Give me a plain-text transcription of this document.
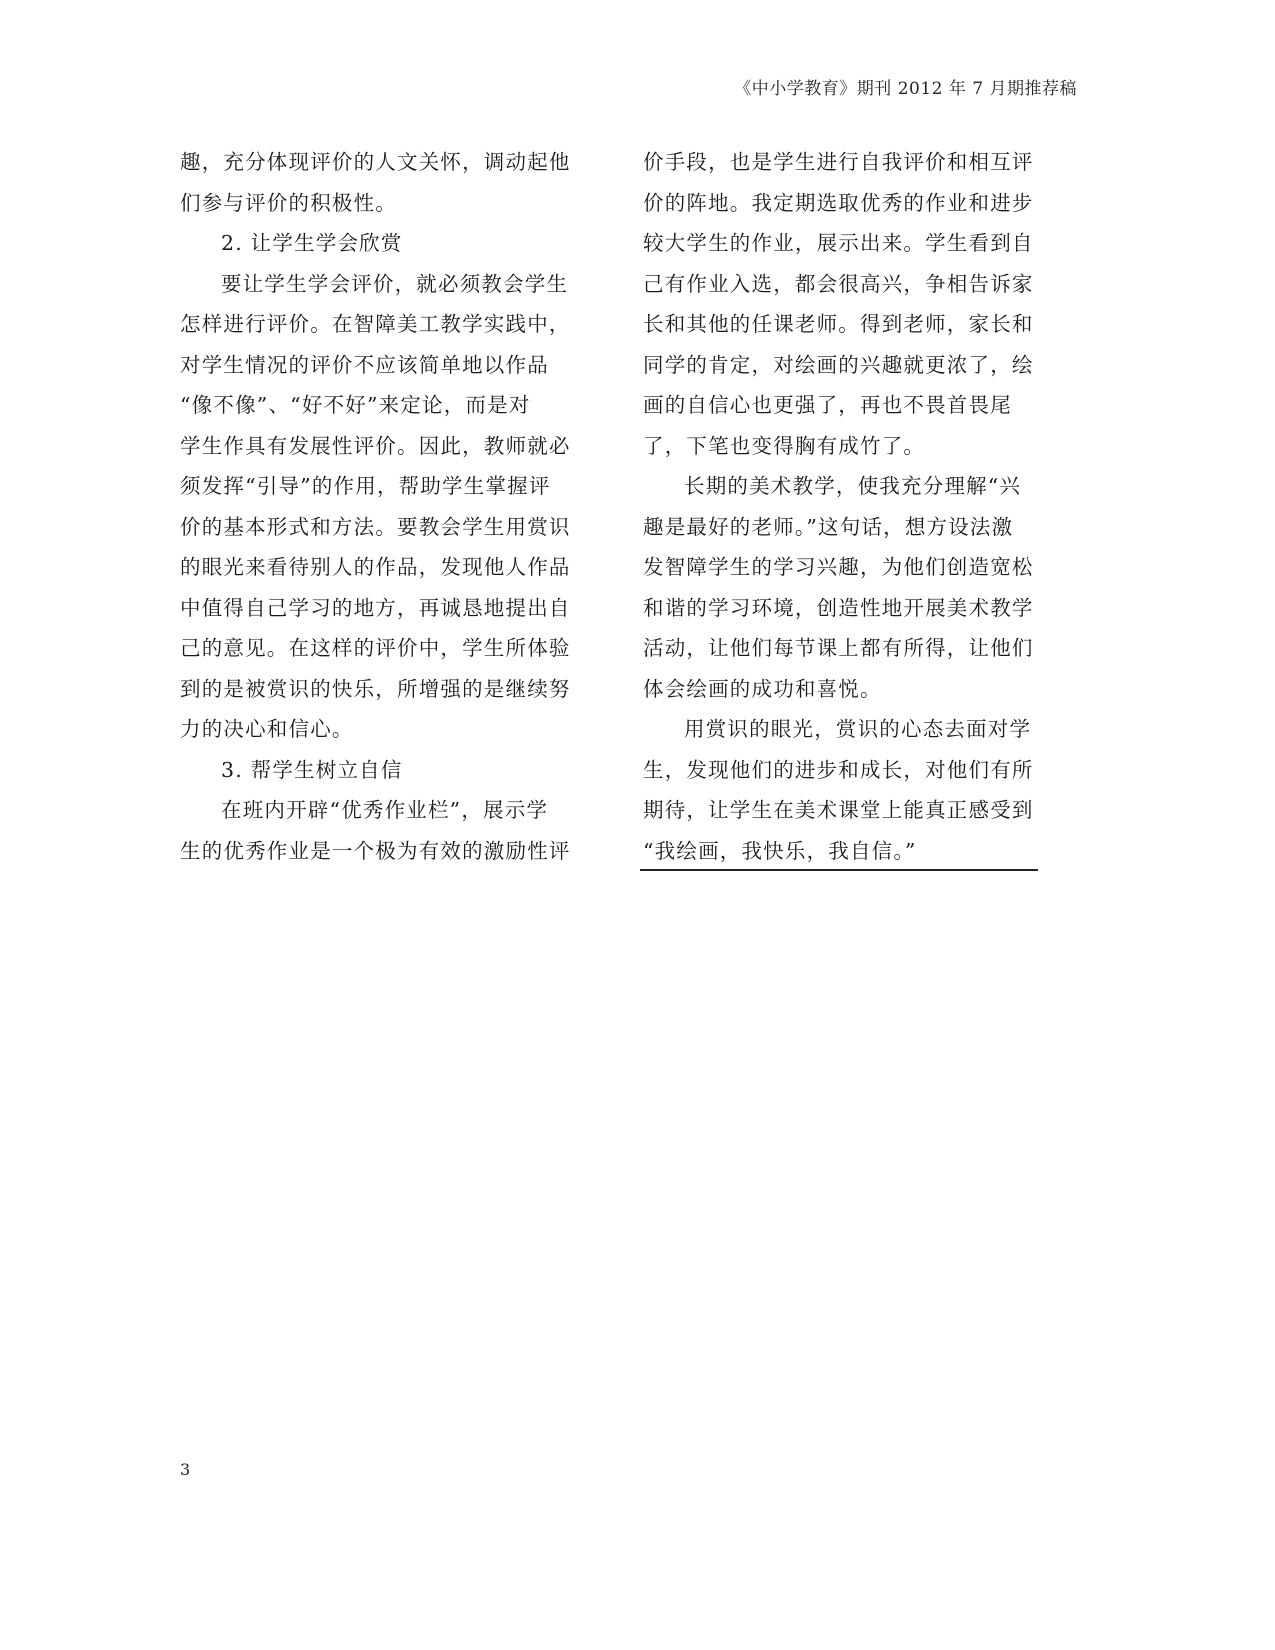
《中小学教育》期刊 2012 年 7 月期推荐稿
趣，充分体现评价的人文关怀，调动起他
们参与评价的积极性。
2. 让学生学会欣赏
要让学生学会评价，就必须教会学生
怎样进行评价。在智障美工教学实践中，
对学生情况的评价不应该简单地以作品
“像不像”、“好不好”来定论，而是对
学生作具有发展性评价。因此，教师就必
须发挥“引导”的作用，帮助学生掌握评
价的基本形式和方法。要教会学生用赏识
的眼光来看待别人的作品，发现他人作品
中值得自己学习的地方，再诚恳地提出自
己的意见。在这样的评价中，学生所体验
到的是被赏识的快乐，所增强的是继续努
力的决心和信心。
3. 帮学生树立自信
在班内开辟“优秀作业栏”，展示学
生的优秀作业是一个极为有效的激励性评
价手段，也是学生进行自我评价和相互评
价的阵地。我定期选取优秀的作业和进步
较大学生的作业，展示出来。学生看到自
己有作业入选，都会很高兴，争相告诉家
长和其他的任课老师。得到老师，家长和
同学的肯定，对绘画的兴趣就更浓了，绘
画的自信心也更强了，再也不畏首畏尾
了，下笔也变得胸有成竹了。
长期的美术教学，使我充分理解“兴
趣是最好的老师。”这句话，想方设法激
发智障学生的学习兴趣，为他们创造宽松
和谐的学习环境，创造性地开展美术教学
活动，让他们每节课上都有所得，让他们
体会绘画的成功和喜悦。
用赏识的眼光，赏识的心态去面对学
生，发现他们的进步和成长，对他们有所
期待，让学生在美术课堂上能真正感受到
“我绘画，我快乐，我自信。”
3
